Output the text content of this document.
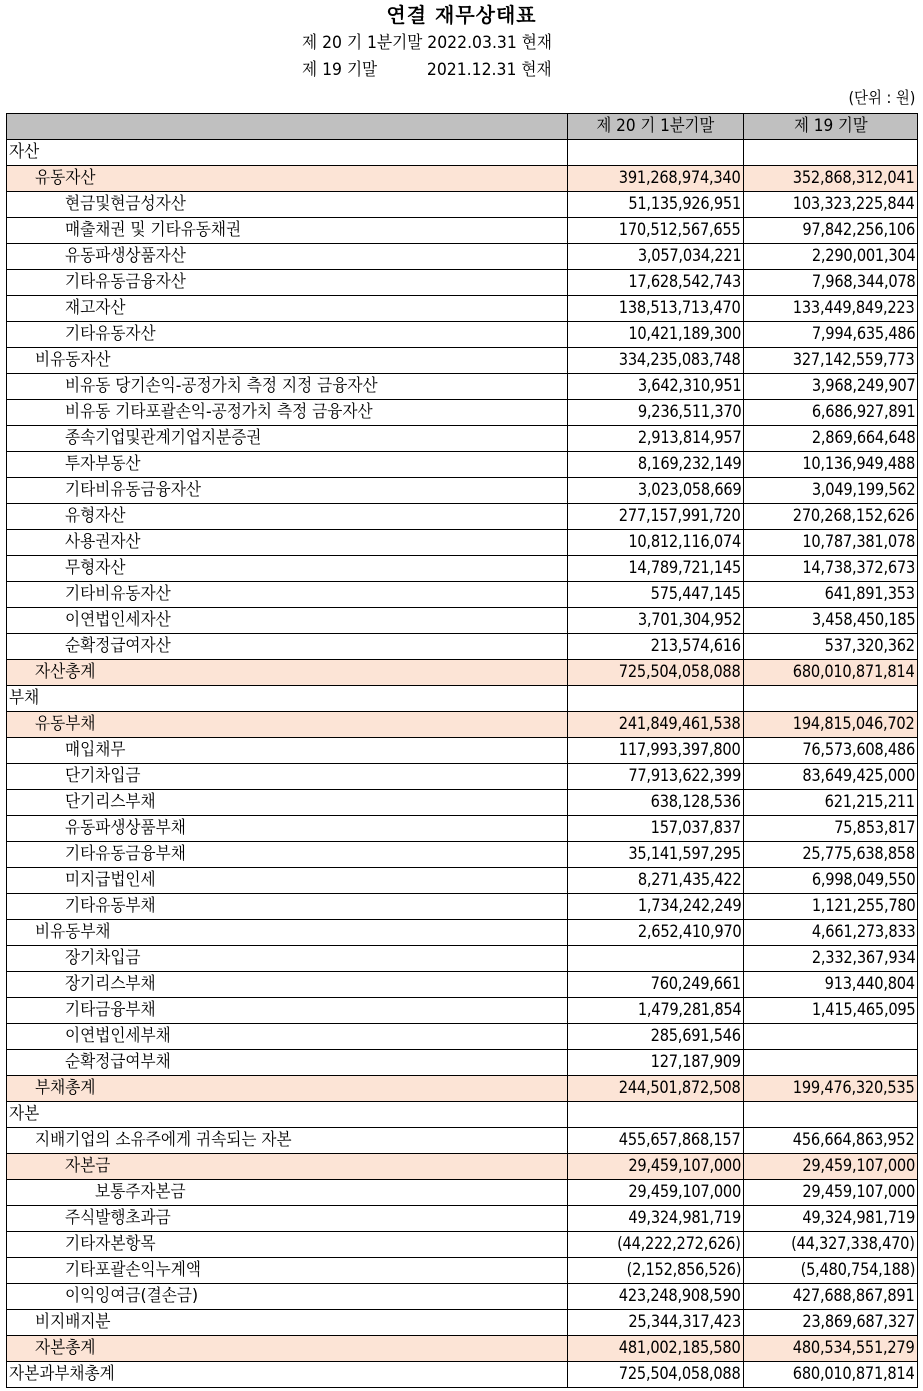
연결 재무상태표
제 20 기 1분기말 2022.03.31 현재
제 19 기말          2021.12.31 현재
(단위 : 원)
	제 20 기 1분기말	제 19 기말
자산		
유동자산	391,268,974,340	352,868,312,041
현금및현금성자산	51,135,926,951	103,323,225,844
매출채권 및 기타유동채권	170,512,567,655	97,842,256,106
유동파생상품자산	3,057,034,221	2,290,001,304
기타유동금융자산	17,628,542,743	7,968,344,078
재고자산	138,513,713,470	133,449,849,223
기타유동자산	10,421,189,300	7,994,635,486
비유동자산	334,235,083,748	327,142,559,773
비유동 당기손익-공정가치 측정 지정 금융자산	3,642,310,951	3,968,249,907
비유동 기타포괄손익-공정가치 측정 금융자산	9,236,511,370	6,686,927,891
종속기업및관계기업지분증권	2,913,814,957	2,869,664,648
투자부동산	8,169,232,149	10,136,949,488
기타비유동금융자산	3,023,058,669	3,049,199,562
유형자산	277,157,991,720	270,268,152,626
사용권자산	10,812,116,074	10,787,381,078
무형자산	14,789,721,145	14,738,372,673
기타비유동자산	575,447,145	641,891,353
이연법인세자산	3,701,304,952	3,458,450,185
순확정급여자산	213,574,616	537,320,362
자산총계	725,504,058,088	680,010,871,814
부채		
유동부채	241,849,461,538	194,815,046,702
매입채무	117,993,397,800	76,573,608,486
단기차입금	77,913,622,399	83,649,425,000
단기리스부채	638,128,536	621,215,211
유동파생상품부채	157,037,837	75,853,817
기타유동금융부채	35,141,597,295	25,775,638,858
미지급법인세	8,271,435,422	6,998,049,550
기타유동부채	1,734,242,249	1,121,255,780
비유동부채	2,652,410,970	4,661,273,833
장기차입금		2,332,367,934
장기리스부채	760,249,661	913,440,804
기타금융부채	1,479,281,854	1,415,465,095
이연법인세부채	285,691,546	
순확정급여부채	127,187,909	
부채총계	244,501,872,508	199,476,320,535
자본		
지배기업의 소유주에게 귀속되는 자본	455,657,868,157	456,664,863,952
자본금	29,459,107,000	29,459,107,000
보통주자본금	29,459,107,000	29,459,107,000
주식발행초과금	49,324,981,719	49,324,981,719
기타자본항목	(44,222,272,626)	(44,327,338,470)
기타포괄손익누계액	(2,152,856,526)	(5,480,754,188)
이익잉여금(결손금)	423,248,908,590	427,688,867,891
비지배지분	25,344,317,423	23,869,687,327
자본총계	481,002,185,580	480,534,551,279
자본과부채총계	725,504,058,088	680,010,871,814
